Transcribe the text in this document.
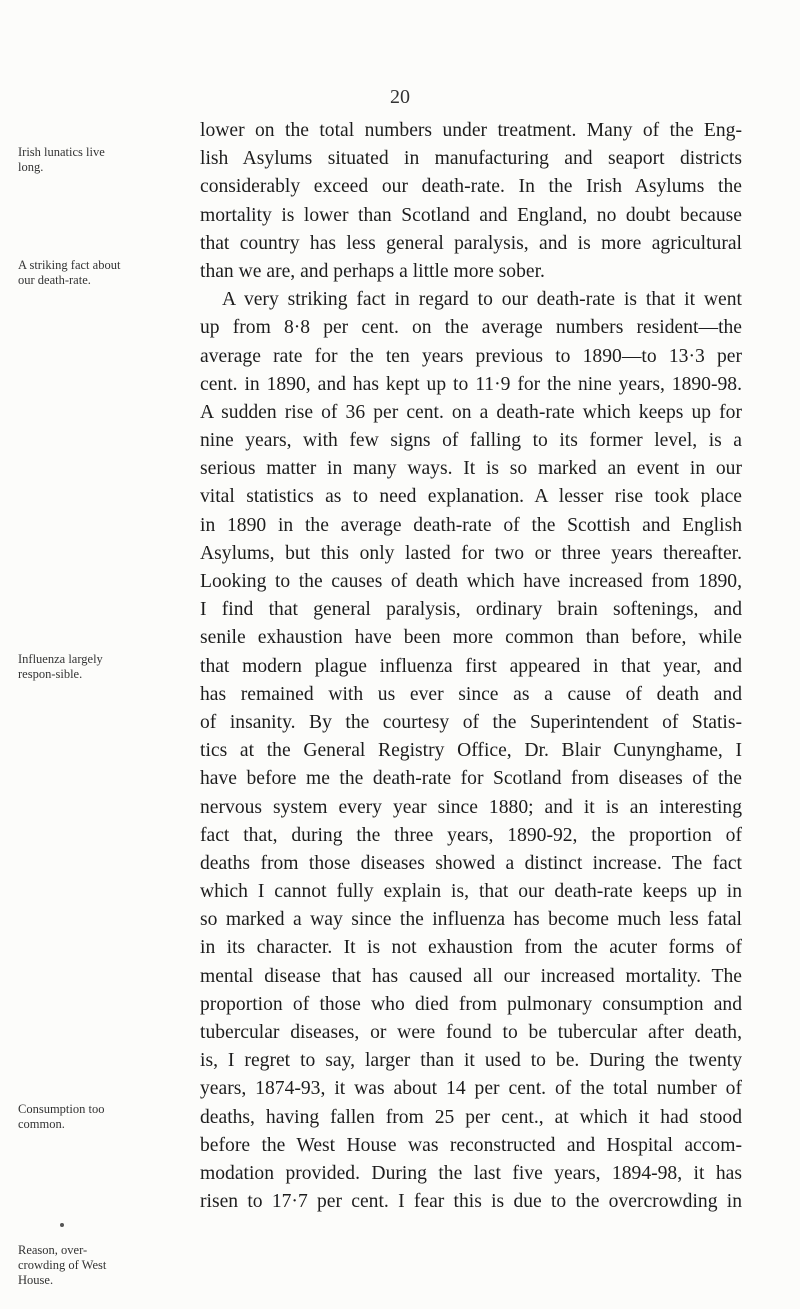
20
Irish lunatics live long.
A striking fact about our death-rate.
Influenza largely respon-sible.
Consumption too common.
Reason, over-crowding of West House.
lower on the total numbers under treatment. Many of the Eng-
lish Asylums situated in manufacturing and seaport districts
considerably exceed our death-rate. In the Irish Asylums the
mortality is lower than Scotland and England, no doubt because
that country has less general paralysis, and is more agricultural
than we are, and perhaps a little more sober.
A very striking fact in regard to our death-rate is that it went
up from 8·8 per cent. on the average numbers resident—the
average rate for the ten years previous to 1890—to 13·3 per
cent. in 1890, and has kept up to 11·9 for the nine years, 1890-98.
A sudden rise of 36 per cent. on a death-rate which keeps up for
nine years, with few signs of falling to its former level, is a
serious matter in many ways. It is so marked an event in our
vital statistics as to need explanation. A lesser rise took place
in 1890 in the average death-rate of the Scottish and English
Asylums, but this only lasted for two or three years thereafter.
Looking to the causes of death which have increased from 1890,
I find that general paralysis, ordinary brain softenings, and
senile exhaustion have been more common than before, while
that modern plague influenza first appeared in that year, and
has remained with us ever since as a cause of death and
of insanity. By the courtesy of the Superintendent of Statis-
tics at the General Registry Office, Dr. Blair Cunynghame, I
have before me the death-rate for Scotland from diseases of the
nervous system every year since 1880; and it is an interesting
fact that, during the three years, 1890-92, the proportion of
deaths from those diseases showed a distinct increase. The fact
which I cannot fully explain is, that our death-rate keeps up in
so marked a way since the influenza has become much less fatal
in its character. It is not exhaustion from the acuter forms of
mental disease that has caused all our increased mortality. The
proportion of those who died from pulmonary consumption and
tubercular diseases, or were found to be tubercular after death,
is, I regret to say, larger than it used to be. During the twenty
years, 1874-93, it was about 14 per cent. of the total number of
deaths, having fallen from 25 per cent., at which it had stood
before the West House was reconstructed and Hospital accom-
modation provided. During the last five years, 1894-98, it has
risen to 17·7 per cent. I fear this is due to the overcrowding in
